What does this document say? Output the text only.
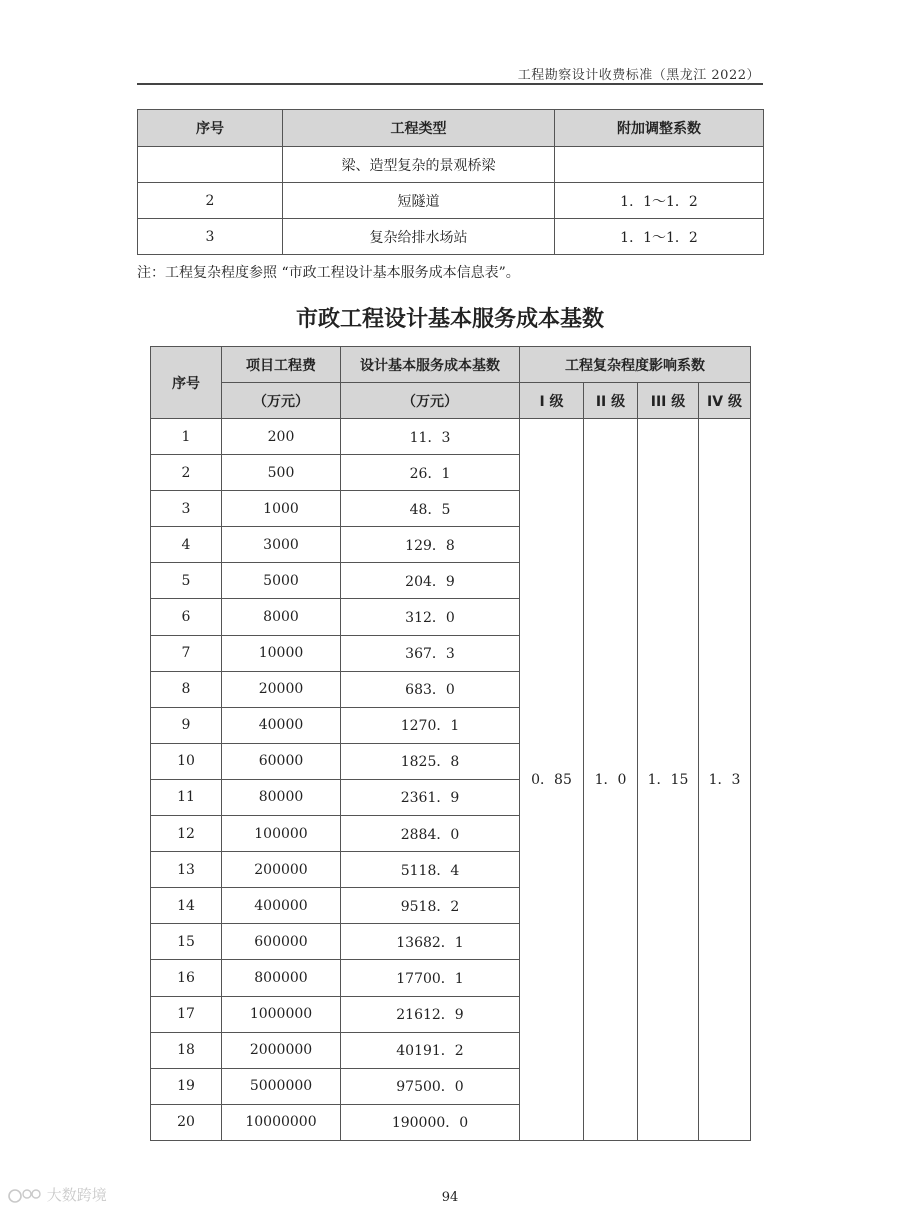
工程勘察设计收费标准（黑龙江 2022）
序号	工程类型	附加调整系数
	梁、造型复杂的景观桥梁	
2	短隧道	1．1～1．2
3	复杂给排水场站	1．1～1．2
注：工程复杂程度参照 “市政工程设计基本服务成本信息表”。
市政工程设计基本服务成本基数
序号	项目工程费	设计基本服务成本基数	工程复杂程度影响系数			
	（万元）	（万元）	I 级	II 级	III 级	IV 级
1	200	11．3	0．85	1．0	1．15	1．3
2	500	26．1				
3	1000	48．5				
4	3000	129．8				
5	5000	204．9				
6	8000	312．0				
7	10000	367．3				
8	20000	683．0				
9	40000	1270．1				
10	60000	1825．8				
11	80000	2361．9				
12	100000	2884．0				
13	200000	5118．4				
14	400000	9518．2				
15	600000	13682．1				
16	800000	17700．1				
17	1000000	21612．9				
18	2000000	40191．2				
19	5000000	97500．0				
20	10000000	190000．0				
大数跨境	94
